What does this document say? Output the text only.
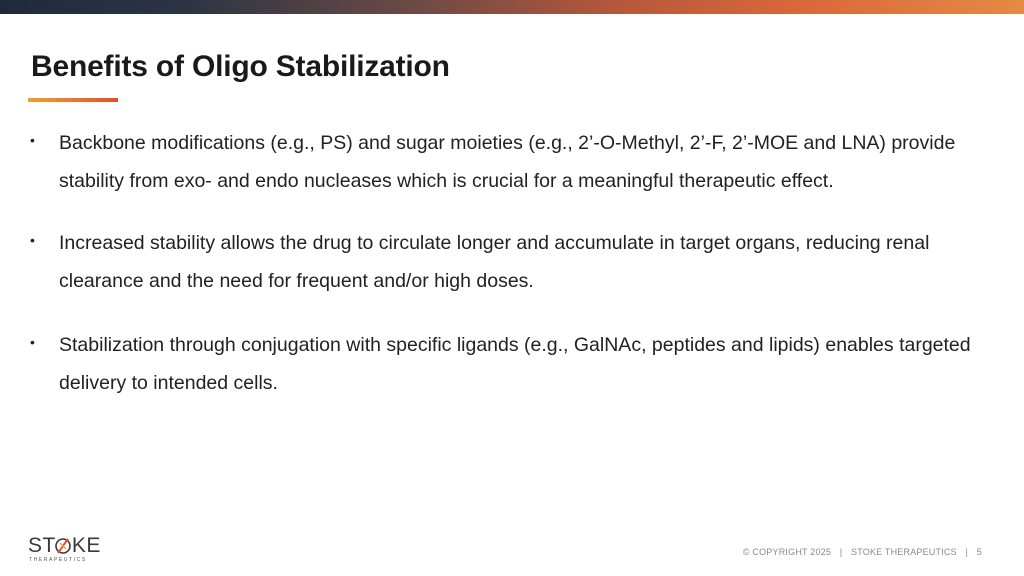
Benefits of Oligo Stabilization
• Backbone modifications (e.g., PS) and sugar moieties (e.g., 2’-O-Methyl, 2’-F, 2’-MOE and LNA) provide stability from exo- and endo nucleases which is crucial for a meaningful therapeutic effect.
• Increased stability allows the drug to circulate longer and accumulate in target organs, reducing renal clearance and the need for frequent and/or high doses.
• Stabilization through conjugation with specific ligands (e.g., GalNAc, peptides and lipids) enables targeted delivery to intended cells.
ST KE
THERAPEUTICS
© COPYRIGHT 2025 | STOKE THERAPEUTICS | 5
